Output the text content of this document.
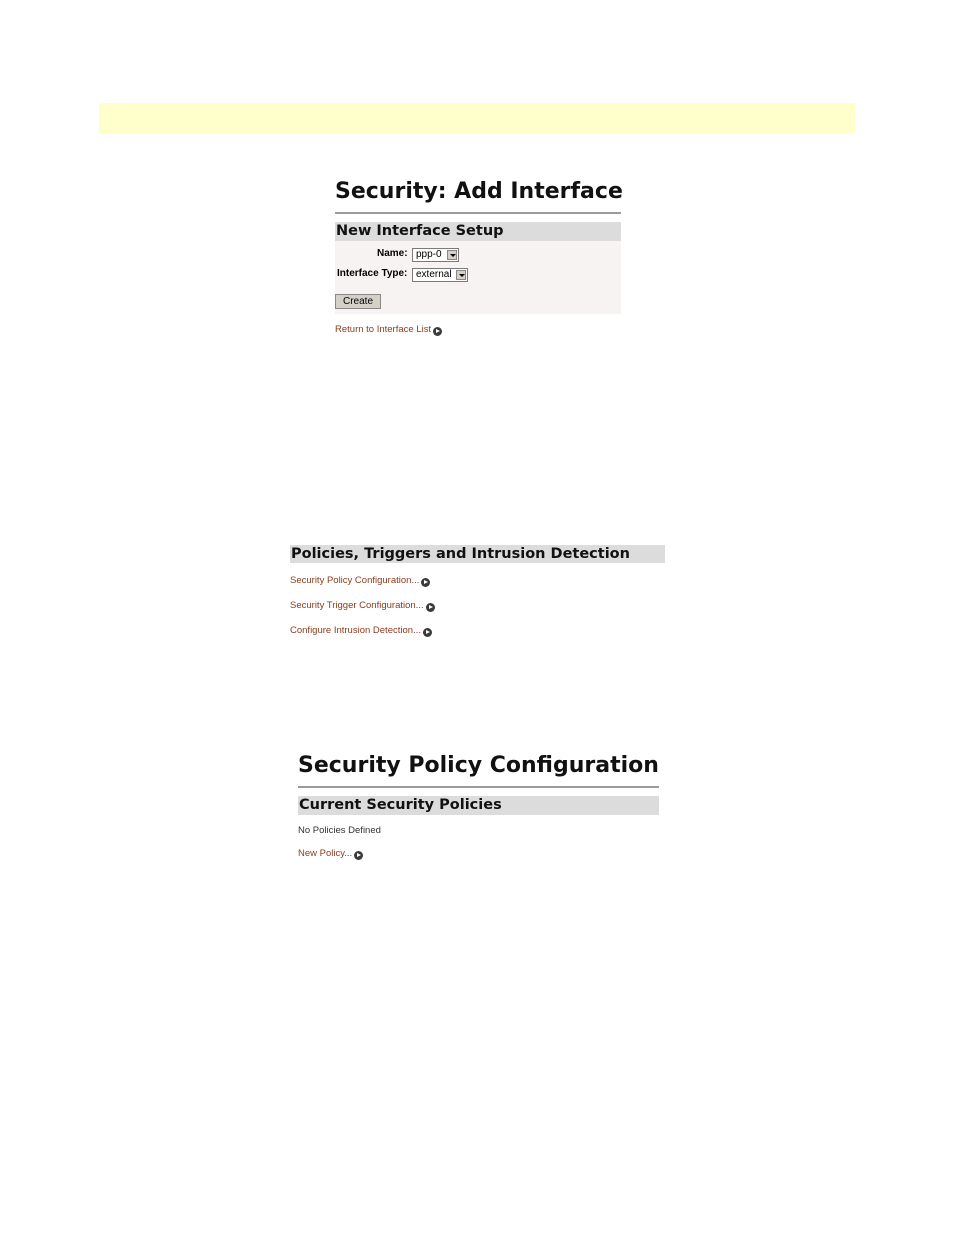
Security: Add Interface
New Interface Setup
Name: ppp-0
Interface Type: external
Create
Return to Interface List
Policies, Triggers and Intrusion Detection
Security Policy Configuration...
Security Trigger Configuration...
Configure Intrusion Detection...
Security Policy Configuration
Current Security Policies
No Policies Defined
New Policy...
